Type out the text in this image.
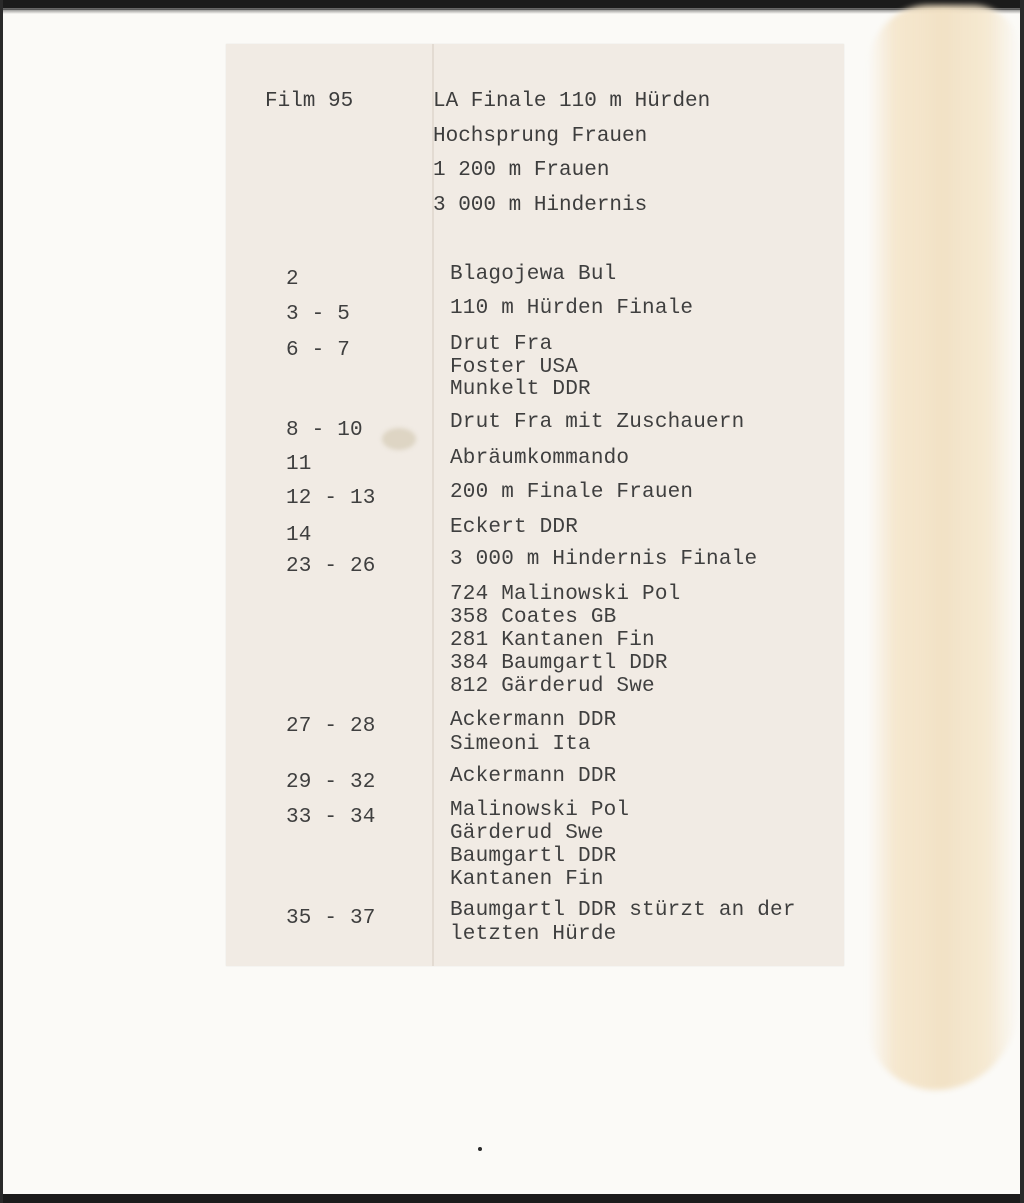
Film 95	LA Finale 110 m Hürden
Hochsprung Frauen
1 200 m Frauen
3 000 m Hindernis
2	Blagojewa Bul
3 - 5	110 m Hürden Finale
6 - 7	Drut Fra
Foster USA
Munkelt DDR
8 - 10	Drut Fra mit Zuschauern
11	Abräumkommando
12 - 13	200 m Finale Frauen
14	Eckert DDR
23 - 26	3 000 m Hindernis Finale
724 Malinowski Pol
358 Coates GB
281 Kantanen Fin
384 Baumgartl DDR
812 Gärderud Swe
27 - 28	Ackermann DDR
Simeoni Ita
29 - 32	Ackermann DDR
33 - 34	Malinowski Pol
Gärderud Swe
Baumgartl DDR
Kantanen Fin
35 - 37	Baumgartl DDR stürzt an der
letzten Hürde
